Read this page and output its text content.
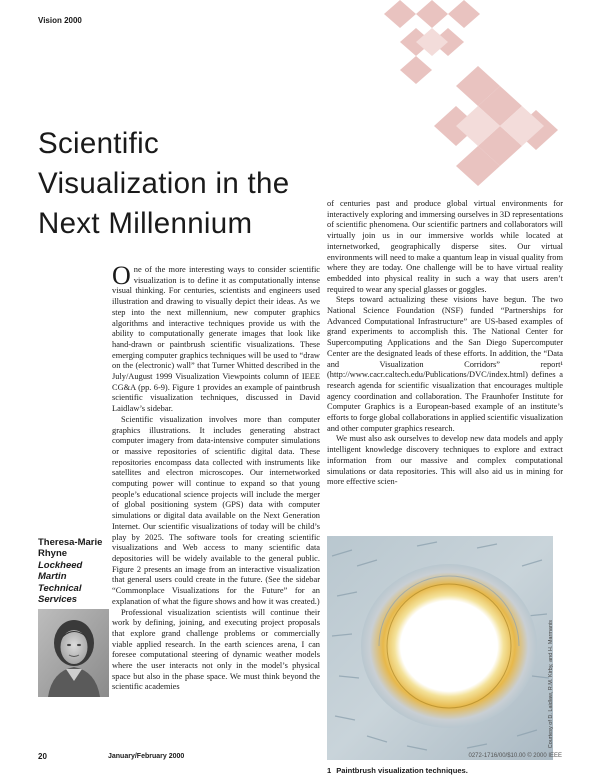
Vision 2000
Scientific
Visualization in the
Next Millennium

One of the more interesting ways to consider scientific visualization is to define it as computationally intense visual thinking. For centuries, scientists and engineers used illustration and drawing to visually depict their ideas. As we step into the next millennium, new computer graphics algorithms and interactive techniques provide us with the ability to computationally generate images that look like hand-drawn or paintbrush scientific visualizations. These emerging computer graphics techniques will be used to “draw on the (electronic) wall” that Turner Whitted described in the July/August 1999 Visualization Viewpoints column of IEEE CG&A (pp. 6-9). Figure 1 provides an example of paintbrush scientific visualization techniques, discussed in David Laidlaw’s sidebar.

Scientific visualization involves more than computer graphics illustrations. It includes generating abstract computer imagery from data-intensive computer simulations or massive repositories of scientific digital data. These repositories encompass data collected with instruments like satellites and electron microscopes. Our internetworked computing power will continue to expand so that young people’s educational science projects will include the merger of global positioning system (GPS) data with computer simulations or digital data available on the Next Generation Internet. Our scientific visualizations of today will be child’s play by 2025. The software tools for creating scientific visualizations and Web access to many scientific data depositories will be widely available to the general public. Figure 2 presents an image from an interactive visualization that general users could create in the future. (See the sidebar “Commonplace Visualizations for the Future” for an explanation of what the figure shows and how it was created.)

Professional visualization scientists will continue their work by defining, joining, and executing project proposals that explore grand challenge problems or commercially viable applied research. In the earth sciences arena, I can foresee computational steering of dynamic weather models where the user interacts not only in the model’s physical space but also in the phase space. We must think beyond the scientific academies

Theresa-Marie
Rhyne
Lockheed
Martin
Technical
Services

of centuries past and produce global virtual environments for interactively exploring and immersing ourselves in 3D representations of scientific phenomena. Our scientific partners and collaborators will virtually join us in our immersive worlds while located at internetworked, geographically disperse sites. Our virtual environments will need to make a quantum leap in visual quality from where they are today. One challenge will be to have virtual reality embedded into physical reality in such a way that users aren’t required to wear any special glasses or goggles.

Steps toward actualizing these visions have begun. The two National Science Foundation (NSF) funded “Partnerships for Advanced Computational Infrastructure” are US-based examples of grand experiments to accomplish this. The National Center for Supercomputing Applications and the San Diego Supercomputer Center are the designated leads of these efforts. In addition, the “Data and Visualization Corridors” report¹ (http://www.cacr.caltech.edu/Publications/DVC/index.html) defines a research agenda for scientific visualization that encourages multiple agency coordination and collaboration. The Fraunhofer Institute for Computer Graphics is a European-based example of an institute’s efforts to forge global collaborations in applied scientific visualization and other computer graphics research.

We must also ask ourselves to develop new data models and apply intelligent knowledge discovery techniques to explore and extract information from our massive and complex computational simulations or data repositories. This will also aid us in mining for more effective scien-

Courtesy of D. Laidlaw, R.M. Kirby, and H. Marmanis
1 Paintbrush visualization techniques.
20	January/February 2000	0272-1716/00/$10.00 © 2000 IEEE
